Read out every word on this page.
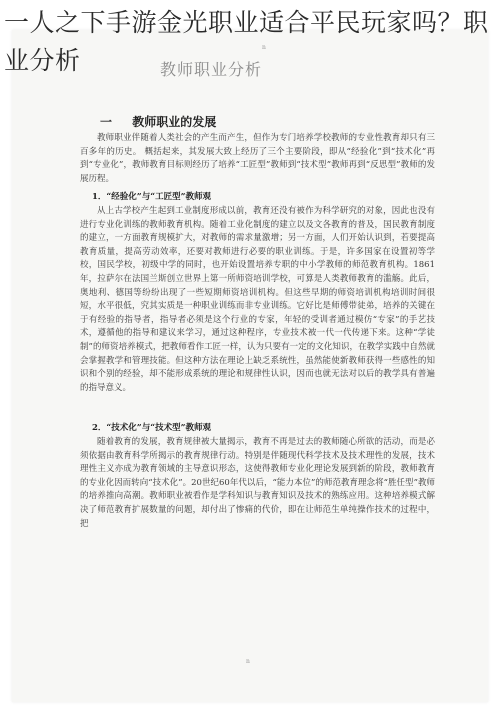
一人之下手游金光职业适合平民玩家吗？职业分析	n
教师职业分析
一 教师职业的发展

教师职业伴随着人类社会的产生而产生，但作为专门培养学校教师的专业性教育却只有三百多年的历史。 概括起来，其发展大致上经历了三个主要阶段，即从“经验化”到“技术化”再到“专业化”，教师教育目标则经历了培养“工匠型”教师到“技术型”教师再到“反思型”教师的发展历程。

1．“经验化”与“工匠型”教师观

从上古学校产生起到工业制度形成以前，教育还没有被作为科学研究的对象，因此也没有进行专业化训练的教师教育机构。随着工业化制度的建立以及文各教育的普及，国民教育制度的建立，一方面教育规模扩大，对教师的需求量激增；另一方面，人们开始认识到，若要提高教育质量，提高劳动效率，还要对教师进行必要的职业训练。于是，许多国家在设置初等学校，国民学校，初级中学的同时，也开始设置培养专职的中小学教师的师范教育机构。1861年，拉萨尔在法国兰斯创立世界上第一所师资培训学校，可算是人类教师教育的滥觞。此后，奥地利、德国等纷纷出现了一些短期师资培训机构。但这些早期的师资培训机构培训时间很短，水平很低，究其实质是一种职业训练而非专业训练。它好比是师傅带徒弟，培养的关键在于有经验的指导者，指导者必须是这个行业的专家，年轻的受训者通过模仿“专家”的手艺技术，遵循他的指导和建议来学习，通过这种程序，专业技术被一代一代传递下来。这种“学徒制”的师资培养模式，把教师看作工匠一样，认为只要有一定的文化知识，在教学实践中自然就会掌握教学和管理技能。但这种方法在理论上缺乏系统性，虽然能使新教师获得一些感性的知识和个别的经验，却不能形成系统的理论和规律性认识，因而也就无法对以后的教学具有普遍的指导意义。

2．“技术化”与“技术型”教师观

随着教育的发展，教育规律被大量揭示，教育不再是过去的教师随心所欲的活动，而是必须依据由教育科学所揭示的教育规律行动。特别是伴随现代科学技术及技术理性的发展，技术理性主义亦成为教育领域的主导意识形态，这使得教师专业化理论发展到新的阶段，教师教育的专业化因而转向“技术化”。20世纪60年代以后，“能力本位”的师范教育理念将“胜任型”教师的培养推向高潮。教师职业被看作是学科知识与教育知识及技术的熟练应用。这种培养模式解决了师范教育扩展数量的问题，却付出了惨痛的代价，即在让师范生单纯操作技术的过程中，把

n
